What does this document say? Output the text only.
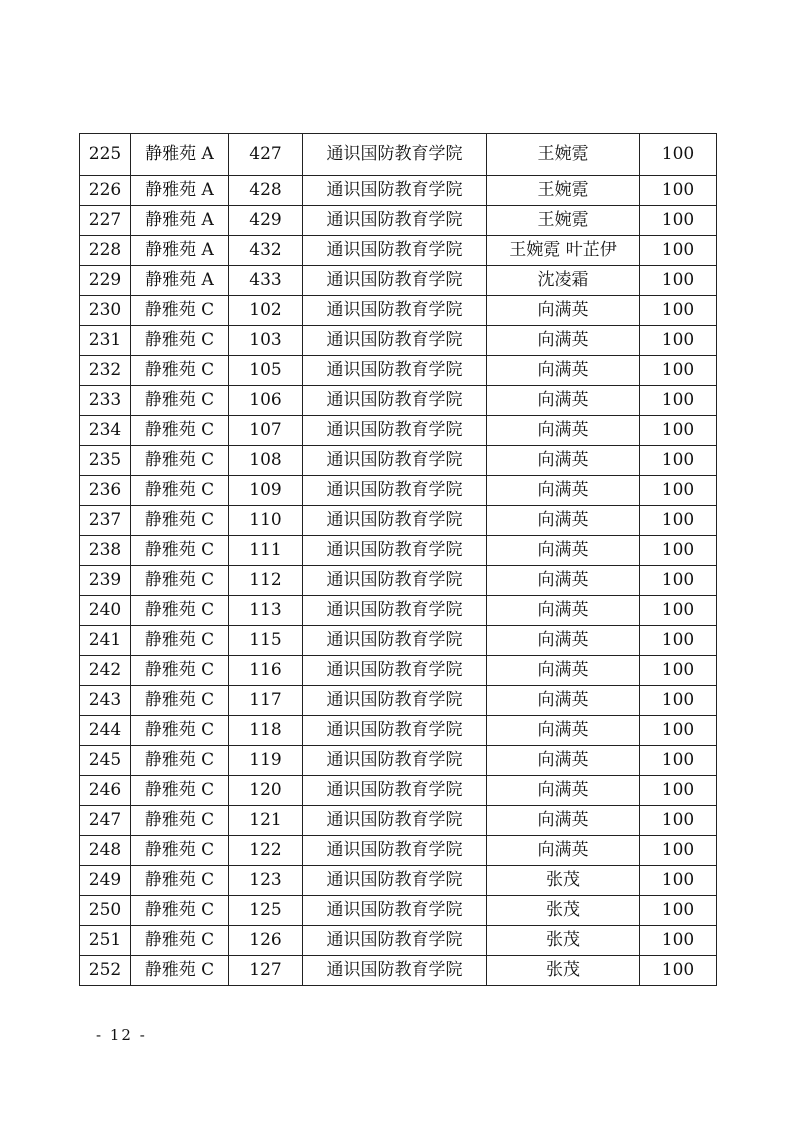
225	静雅苑 A	427	通识国防教育学院	王婉霓	100
226	静雅苑 A	428	通识国防教育学院	王婉霓	100
227	静雅苑 A	429	通识国防教育学院	王婉霓	100
228	静雅苑 A	432	通识国防教育学院	王婉霓 叶芷伊	100
229	静雅苑 A	433	通识国防教育学院	沈凌霜	100
230	静雅苑 C	102	通识国防教育学院	向满英	100
231	静雅苑 C	103	通识国防教育学院	向满英	100
232	静雅苑 C	105	通识国防教育学院	向满英	100
233	静雅苑 C	106	通识国防教育学院	向满英	100
234	静雅苑 C	107	通识国防教育学院	向满英	100
235	静雅苑 C	108	通识国防教育学院	向满英	100
236	静雅苑 C	109	通识国防教育学院	向满英	100
237	静雅苑 C	110	通识国防教育学院	向满英	100
238	静雅苑 C	111	通识国防教育学院	向满英	100
239	静雅苑 C	112	通识国防教育学院	向满英	100
240	静雅苑 C	113	通识国防教育学院	向满英	100
241	静雅苑 C	115	通识国防教育学院	向满英	100
242	静雅苑 C	116	通识国防教育学院	向满英	100
243	静雅苑 C	117	通识国防教育学院	向满英	100
244	静雅苑 C	118	通识国防教育学院	向满英	100
245	静雅苑 C	119	通识国防教育学院	向满英	100
246	静雅苑 C	120	通识国防教育学院	向满英	100
247	静雅苑 C	121	通识国防教育学院	向满英	100
248	静雅苑 C	122	通识国防教育学院	向满英	100
249	静雅苑 C	123	通识国防教育学院	张茂	100
250	静雅苑 C	125	通识国防教育学院	张茂	100
251	静雅苑 C	126	通识国防教育学院	张茂	100
252	静雅苑 C	127	通识国防教育学院	张茂	100
- 12 -
